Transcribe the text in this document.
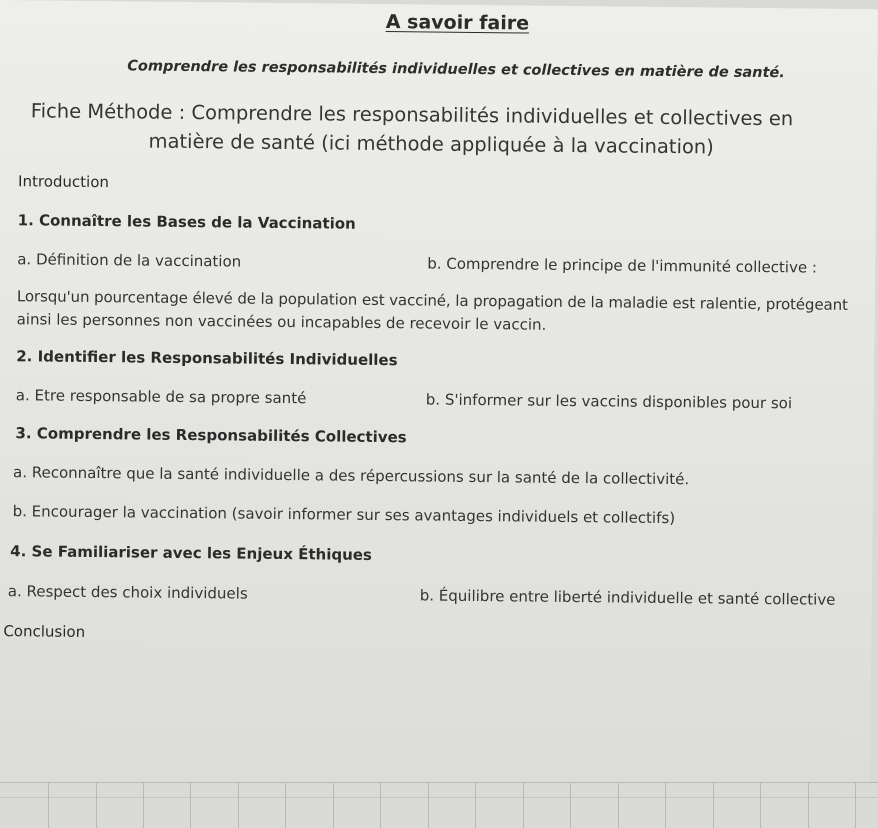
A savoir faire
Comprendre les responsabilités individuelles et collectives en matière de santé.
Fiche Méthode : Comprendre les responsabilités individuelles et collectives en
matière de santé (ici méthode appliquée à la vaccination)
Introduction
1. Connaître les Bases de la Vaccination
a. Définition de la vaccination	b. Comprendre le principe de l'immunité collective :
Lorsqu'un pourcentage élevé de la population est vacciné, la propagation de la maladie est ralentie, protégeant
ainsi les personnes non vaccinées ou incapables de recevoir le vaccin.
2. Identifier les Responsabilités Individuelles
a. Etre responsable de sa propre santé	b. S'informer sur les vaccins disponibles pour soi
3. Comprendre les Responsabilités Collectives
a. Reconnaître que la santé individuelle a des répercussions sur la santé de la collectivité.
b. Encourager la vaccination (savoir informer sur ses avantages individuels et collectifs)
4. Se Familiariser avec les Enjeux Éthiques
a. Respect des choix individuels	b. Équilibre entre liberté individuelle et santé collective
Conclusion
